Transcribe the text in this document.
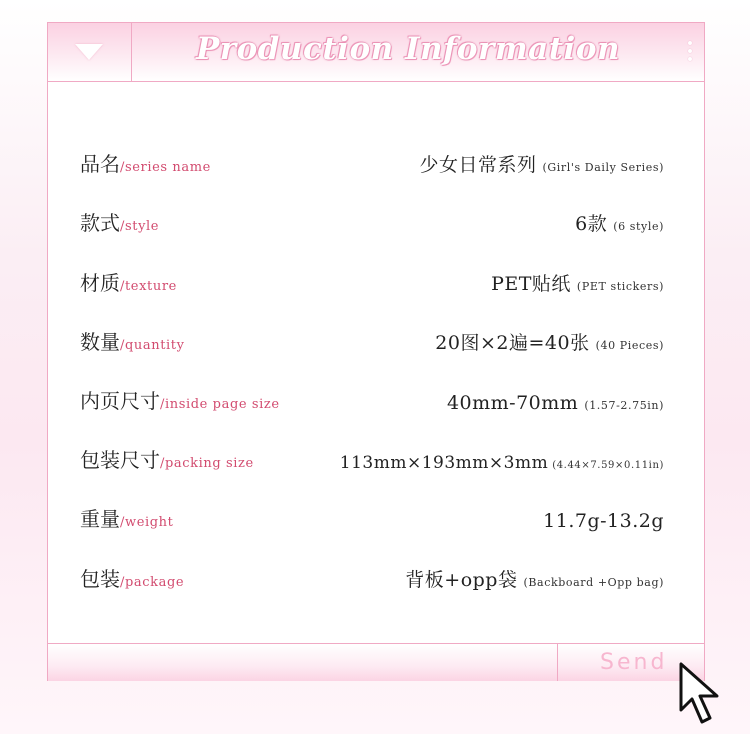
Production Information
品名/series name	少女日常系列 (Girl's Daily Series)
款式/style	6款 (6 style)
材质/texture	PET贴纸 (PET stickers)
数量/quantity	20图×2遍=40张 (40 Pieces)
内页尺寸/inside page size	40mm-70mm (1.57-2.75in)
包装尺寸/packing size	113mm×193mm×3mm (4.44×7.59×0.11in)
重量/weight	11.7g-13.2g
包装/package	背板+opp袋 (Backboard +Opp bag)
Send
